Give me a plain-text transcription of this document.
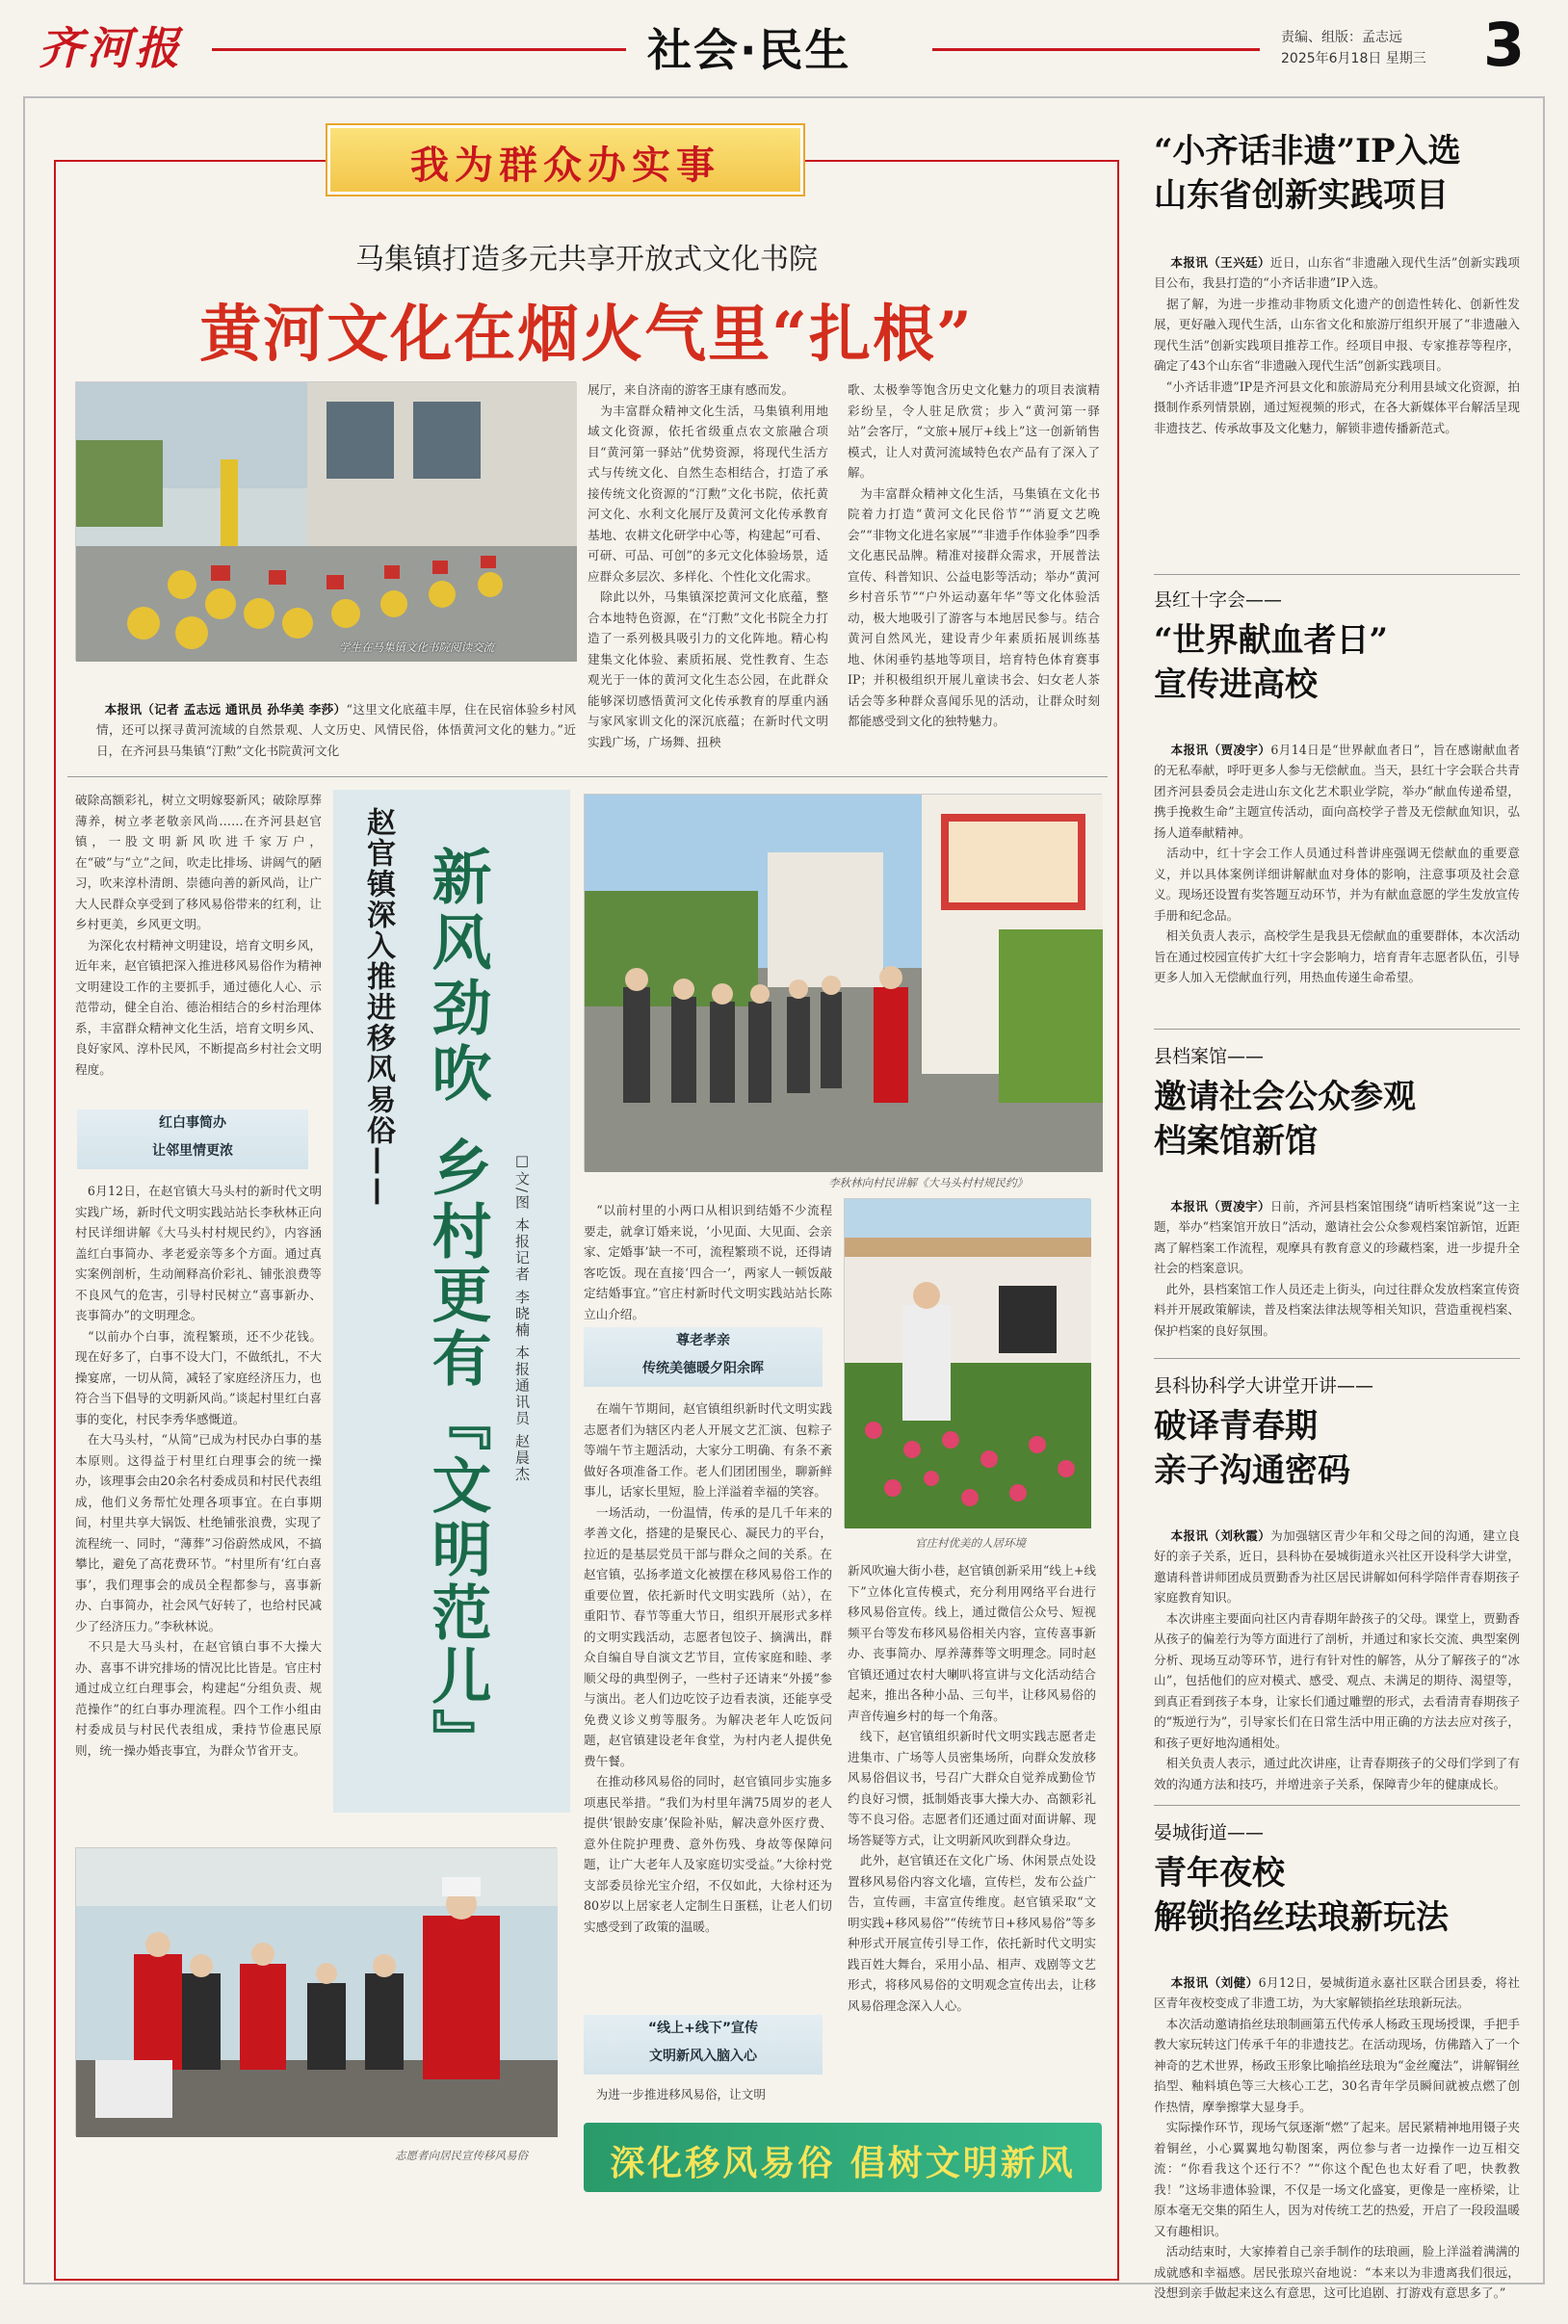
齐河报	社会·民生	责编、组版：孟志远
2025年6月18日 星期三 3
我为群众办实事
马集镇打造多元共享开放式文化书院
黄河文化在烟火气里“扎根”
学生在马集镇文化书院阅读交流

本报讯（记者 孟志远 通讯员 孙华美 李莎）“这里文化底蕴丰厚，住在民宿体验乡村风情，还可以探寻黄河流域的自然景观、人文历史、风情民俗，体悟黄河文化的魅力。”近日，在齐河县马集镇“汀勲”文化书院黄河文化

展厅，来自济南的游客王康有感而发。
　为丰富群众精神文化生活，马集镇利用地域文化资源，依托省级重点农文旅融合项目“黄河第一驿站”优势资源，将现代生活方式与传统文化、自然生态相结合，打造了承接传统文化资源的“汀勲”文化书院，依托黄河文化、水利文化展厅及黄河文化传承教育基地、农耕文化研学中心等，构建起“可看、可研、可品、可创”的多元文化体验场景，适应群众多层次、多样化、个性化文化需求。
　除此以外，马集镇深挖黄河文化底蕴，整合本地特色资源，在“汀勲”文化书院全力打造了一系列极具吸引力的文化阵地。精心构建集文化体验、素质拓展、党性教育、生态观光于一体的黄河文化生态公园，在此群众能够深切感悟黄河文化传承教育的厚重内涵与家风家训文化的深沉底蕴；在新时代文明实践广场，广场舞、扭秧
歌、太极拳等饱含历史文化魅力的项目表演精彩纷呈，令人驻足欣赏；步入“黄河第一驿站”会客厅，“文旅+展厅+线上”这一创新销售模式，让人对黄河流域特色农产品有了深入了解。
　为丰富群众精神文化生活，马集镇在文化书院着力打造“黄河文化民俗节”“消夏文艺晚会”“非物文化进名家展”“非遗手作体验季”四季文化惠民品牌。精准对接群众需求，开展普法宣传、科普知识、公益电影等活动；举办“黄河乡村音乐节”“户外运动嘉年华”等文化体验活动，极大地吸引了游客与本地居民参与。结合黄河自然风光，建设青少年素质拓展训练基地、休闲垂钓基地等项目，培育特色体育赛事IP；并积极组织开展儿童读书会、妇女老人茶话会等多种群众喜闻乐见的活动，让群众时刻都能感受到文化的独特魅力。
破除高额彩礼，树立文明嫁娶新风；破除厚葬薄养，树立孝老敬亲风尚……在齐河县赵官镇，一股文明新风吹进千家万户，在“破”与“立”之间，吹走比排场、讲阔气的陋习，吹来淳朴清朗、崇德向善的新风尚，让广大人民群众享受到了移风易俗带来的红利，让乡村更美，乡风更文明。
　为深化农村精神文明建设，培育文明乡风，近年来，赵官镇把深入推进移风易俗作为精神文明建设工作的主要抓手，通过德化人心、示范带动，健全自治、德治相结合的乡村治理体系，丰富群众精神文化生活，培育文明乡风、良好家风、淳朴民风，不断提高乡村社会文明程度。
红白事简办
让邻里情更浓
　6月12日，在赵官镇大马头村的新时代文明实践广场，新时代文明实践站站长李秋林正向村民详细讲解《大马头村村规民约》，内容涵盖红白事简办、孝老爱亲等多个方面。通过真实案例剖析，生动阐释高价彩礼、铺张浪费等不良风气的危害，引导村民树立“喜事新办、丧事简办”的文明理念。
　“以前办个白事，流程繁琐，还不少花钱。现在好多了，白事不设大门，不做纸扎，不大操宴席，一切从简，减轻了家庭经济压力，也符合当下倡导的文明新风尚。”谈起村里红白喜事的变化，村民李秀华感慨道。
　在大马头村，“从简”已成为村民办白事的基本原则。这得益于村里红白理事会的统一操办，该理事会由20余名村委成员和村民代表组成，他们义务帮忙处理各项事宜。在白事期间，村里共享大锅饭、杜绝铺张浪费，实现了流程统一、同时，“薄葬”习俗蔚然成风，不搞攀比，避免了高花费环节。“村里所有‘红白喜事’，我们理事会的成员全程都参与，喜事新办、白事简办，社会风气好转了，也给村民减少了经济压力。”李秋林说。
　不只是大马头村，在赵官镇白事不大操大办、喜事不讲究排场的情况比比皆是。官庄村通过成立红白理事会，构建起“分组负责、规范操作”的红白事办理流程。四个工作小组由村委成员与村民代表组成，秉持节俭惠民原则，统一操办婚丧事宜，为群众节省开支。
赵官镇深入推进移风易俗—— 新风劲吹
乡村更有『文明范儿』	□文/图 本报记者 李晓楠 本报通讯员 赵晨杰	李秋林向村民讲解《大马头村村规民约》
　“以前村里的小两口从相识到结婚不少流程要走，就拿订婚来说，‘小见面、大见面、会亲家、定婚事’缺一不可，流程繁琐不说，还得请客吃饭。现在直接‘四合一’，两家人一顿饭敲定结婚事宜。”官庄村新时代文明实践站站长陈立山介绍。
尊老孝亲
传统美德暖夕阳余晖
　在端午节期间，赵官镇组织新时代文明实践志愿者们为辖区内老人开展文艺汇演、包粽子等端午节主题活动，大家分工明确、有条不紊做好各项准备工作。老人们团团围坐，聊新鲜事儿，话家长里短，脸上洋溢着幸福的笑容。
　一场活动，一份温情，传承的是几千年来的孝善文化，搭建的是聚民心、凝民力的平台，拉近的是基层党员干部与群众之间的关系。在赵官镇，弘扬孝道文化被摆在移风易俗工作的重要位置，依托新时代文明实践所（站），在重阳节、春节等重大节日，组织开展形式多样的文明实践活动，志愿者包饺子、摘满出，群众自编自导自演文艺节目，宣传家庭和睦、孝顺父母的典型例子，一些村子还请来“外援”参与演出。老人们边吃饺子边看表演，还能享受免费义诊义剪等服务。为解决老年人吃饭问题，赵官镇建设老年食堂，为村内老人提供免费午餐。
　在推动移风易俗的同时，赵官镇同步实施多项惠民举措。“我们为村里年满75周岁的老人提供‘银龄安康’保险补贴，解决意外医疗费、意外住院护理费、意外伤残、身故等保障问题，让广大老年人及家庭切实受益。”大徐村党支部委员徐光宝介绍，不仅如此，大徐村还为80岁以上居家老人定制生日蛋糕，让老人们切实感受到了政策的温暖。
“线上+线下”宣传
文明新风入脑入心
　为进一步推进移风易俗，让文明
官庄村优美的人居环境
新风吹遍大街小巷，赵官镇创新采用“线上+线下”立体化宣传模式，充分利用网络平台进行移风易俗宣传。线上，通过微信公众号、短视频平台等发布移风易俗相关内容，宣传喜事新办、丧事简办、厚养薄葬等文明理念。同时赵官镇还通过农村大喇叭将宣讲与文化活动结合起来，推出各种小品、三句半，让移风易俗的声音传遍乡村的每一个角落。
　线下，赵官镇组织新时代文明实践志愿者走进集市、广场等人员密集场所，向群众发放移风易俗倡议书，号召广大群众自觉养成勤俭节约良好习惯，抵制婚丧事大操大办、高额彩礼等不良习俗。志愿者们还通过面对面讲解、现场答疑等方式，让文明新风吹到群众身边。
　此外，赵官镇还在文化广场、休闲景点处设置移风易俗内容文化墙，宣传栏，发布公益广告，宣传画，丰富宣传维度。赵官镇采取“文明实践+移风易俗”“传统节日+移风易俗”等多种形式开展宣传引导工作，依托新时代文明实践百姓大舞台，采用小品、相声、戏剧等文艺形式，将移风易俗的文明观念宣传出去，让移风易俗理念深入人心。
志愿者向居民宣传移风易俗	深化移风易俗 倡树文明新风
“小齐话非遗”IP入选
山东省创新实践项目

本报讯（王兴廷）近日，山东省“非遗融入现代生活”创新实践项目公布，我县打造的“小齐话非遗”IP入选。
　据了解，为进一步推动非物质文化遗产的创造性转化、创新性发展，更好融入现代生活，山东省文化和旅游厅组织开展了“非遗融入现代生活”创新实践项目推荐工作。经项目申报、专家推荐等程序，确定了43个山东省“非遗融入现代生活”创新实践项目。
　“小齐话非遗”IP是齐河县文化和旅游局充分利用县域文化资源，拍摄制作系列情景剧，通过短视频的形式，在各大新媒体平台解活呈现非遗技艺、传承故事及文化魅力，解锁非遗传播新范式。

县红十字会——
“世界献血者日”
宣传进高校

本报讯（贾凌宇）6月14日是“世界献血者日”，旨在感谢献血者的无私奉献，呼吁更多人参与无偿献血。当天，县红十字会联合共青团齐河县委员会走进山东文化艺术职业学院，举办“献血传递希望，携手挽救生命”主题宣传活动，面向高校学子普及无偿献血知识，弘扬人道奉献精神。
　活动中，红十字会工作人员通过科普讲座强调无偿献血的重要意义，并以具体案例详细讲解献血对身体的影响，注意事项及社会意义。现场还设置有奖答题互动环节，并为有献血意愿的学生发放宣传手册和纪念品。
　相关负责人表示，高校学生是我县无偿献血的重要群体，本次活动旨在通过校园宣传扩大红十字会影响力，培育青年志愿者队伍，引导更多人加入无偿献血行列，用热血传递生命希望。

县档案馆——
邀请社会公众参观
档案馆新馆

本报讯（贾凌宇）日前，齐河县档案馆围绕“请听档案说”这一主题，举办“档案馆开放日”活动，邀请社会公众参观档案馆新馆，近距离了解档案工作流程，观摩具有教育意义的珍藏档案，进一步提升全社会的档案意识。
　此外，县档案馆工作人员还走上街头，向过往群众发放档案宣传资料并开展政策解读，普及档案法律法规等相关知识，营造重视档案、保护档案的良好氛围。

县科协科学大讲堂开讲——
破译青春期
亲子沟通密码

本报讯（刘秋霞）为加强辖区青少年和父母之间的沟通，建立良好的亲子关系，近日，县科协在晏城街道永兴社区开设科学大讲堂，邀请科普讲师团成员贾勤香为社区居民讲解如何科学陪伴青春期孩子家庭教育知识。
　本次讲座主要面向社区内青春期年龄孩子的父母。课堂上，贾勤香从孩子的偏差行为等方面进行了剖析，并通过和家长交流、典型案例分析、现场互动等环节，进行有针对性的解答，从分了解孩子的“冰山”，包括他们的应对模式、感受、观点、未满足的期待、渴望等，到真正看到孩子本身，让家长们通过雕塑的形式，去看清青春期孩子的“叛逆行为”，引导家长们在日常生活中用正确的方法去应对孩子，和孩子更好地沟通相处。
　相关负责人表示，通过此次讲座，让青春期孩子的父母们学到了有效的沟通方法和技巧，并增进亲子关系，保障青少年的健康成长。

晏城街道——
青年夜校
解锁掐丝珐琅新玩法

本报讯（刘健）6月12日，晏城街道永嘉社区联合团县委，将社区青年夜校变成了非遗工坊，为大家解锁掐丝珐琅新玩法。
　本次活动邀请掐丝珐琅制画第五代传承人杨政玉现场授课，手把手教大家玩转这门传承千年的非遗技艺。在活动现场，仿佛踏入了一个神奇的艺术世界，杨政玉形象比喻掐丝珐琅为“金丝魔法”，讲解铜丝掐型、釉料填色等三大核心工艺，30名青年学员瞬间就被点燃了创作热情，摩拳擦掌大显身手。
　实际操作环节，现场气氛逐渐“燃”了起来。居民紧精神地用镊子夹着铜丝，小心翼翼地勾勒图案，两位参与者一边操作一边互相交流：“你看我这个还行不？”“你这个配色也太好看了吧，快教教我！”这场非遗体验课，不仅是一场文化盛宴，更像是一座桥梁，让原本毫无交集的陌生人，因为对传统工艺的热爱，开启了一段段温暖又有趣相识。
　活动结束时，大家捧着自己亲手制作的珐琅画，脸上洋溢着满满的成就感和幸福感。居民张琼兴奋地说：“本来以为非遗离我们很远，没想到亲手做起来这么有意思，这可比追剧、打游戏有意思多了。”
